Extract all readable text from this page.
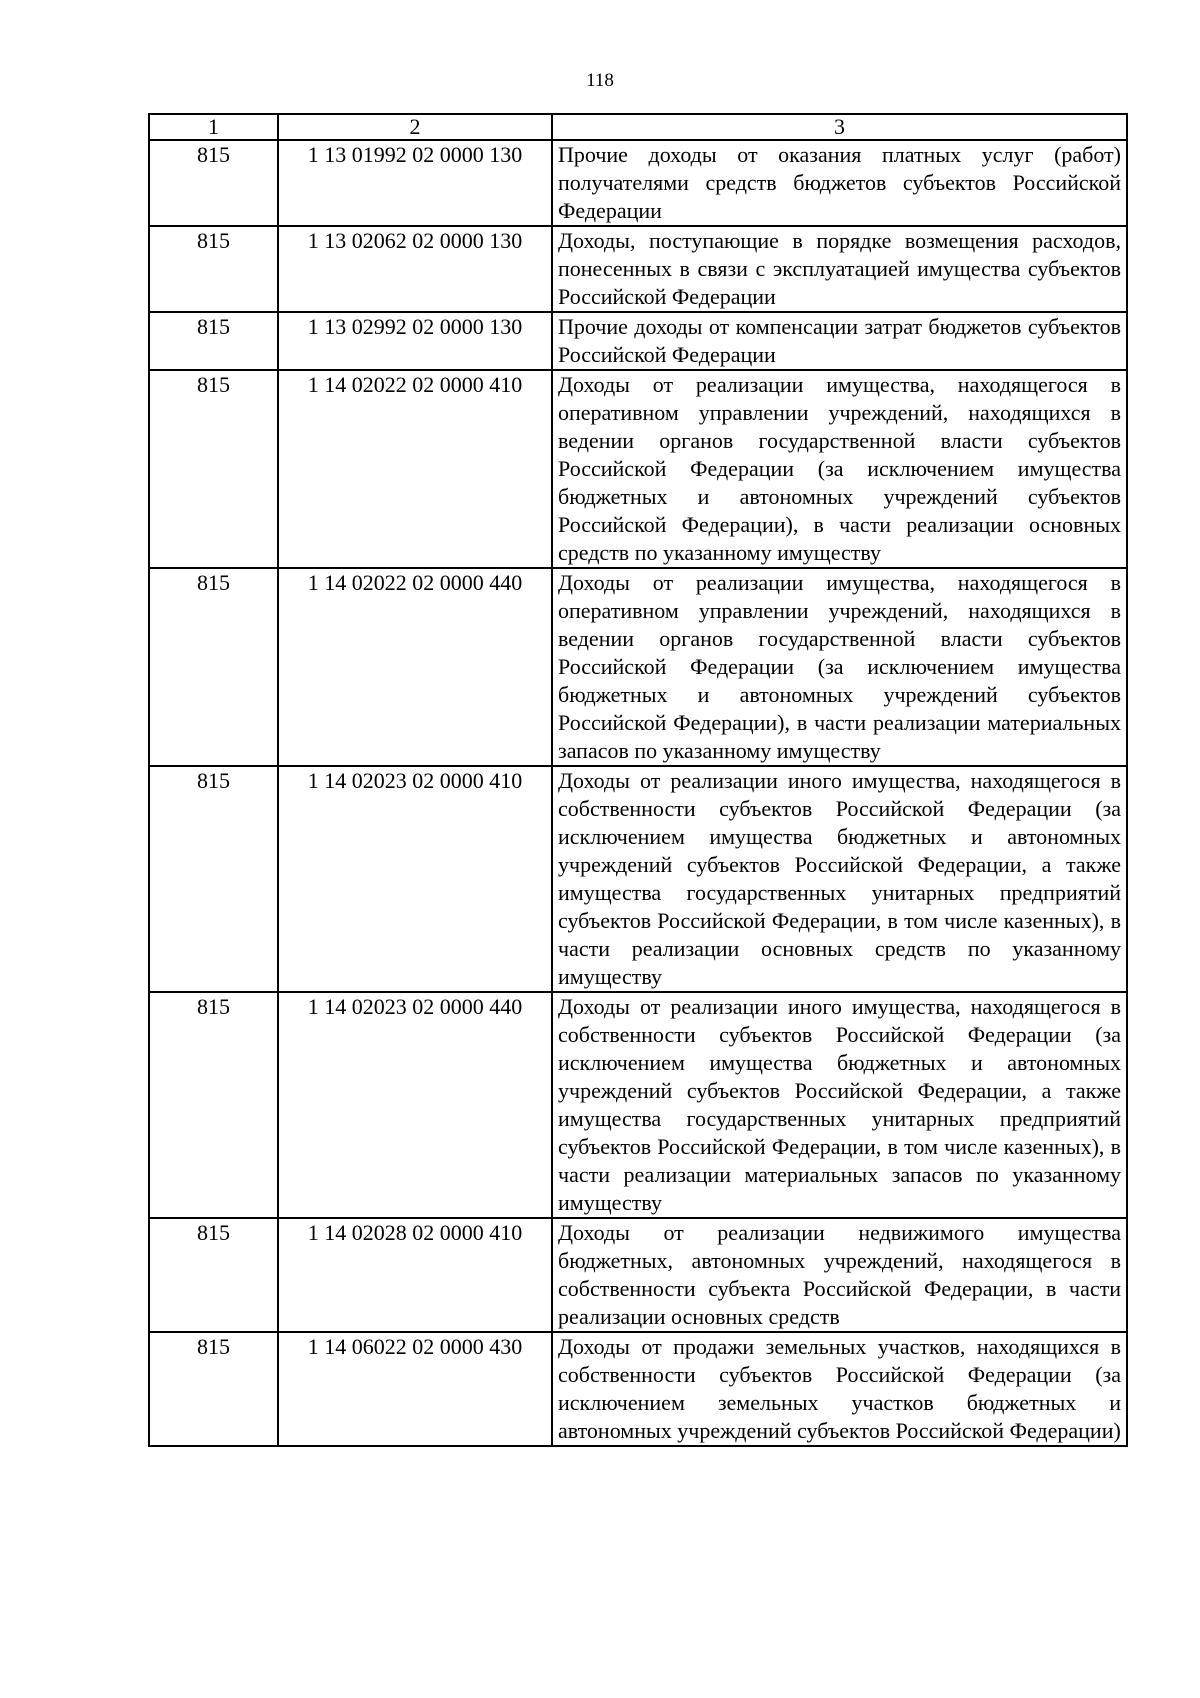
118
1	2	3
815	1 13 01992 02 0000 130	Прочие доходы от оказания платных услуг (работ) получателями средств бюджетов субъектов Российской Федерации
815	1 13 02062 02 0000 130	Доходы, поступающие в порядке возмещения расходов, понесенных в связи с эксплуатацией имущества субъектов Российской Федерации
815	1 13 02992 02 0000 130	Прочие доходы от компенсации затрат бюджетов субъектов Российской Федерации
815	1 14 02022 02 0000 410	Доходы от реализации имущества, находящегося в оперативном управлении учреждений, находящихся в ведении органов государственной власти субъектов Российской Федерации (за исключением имущества бюджетных и автономных учреждений субъектов Российской Федерации), в части реализации основных средств по указанному имуществу
815	1 14 02022 02 0000 440	Доходы от реализации имущества, находящегося в оперативном управлении учреждений, находящихся в ведении органов государственной власти субъектов Российской Федерации (за исключением имущества бюджетных и автономных учреждений субъектов Российской Федерации), в части реализации материальных запасов по указанному имуществу
815	1 14 02023 02 0000 410	Доходы от реализации иного имущества, находящегося в собственности субъектов Российской Федерации (за исключением имущества бюджетных и автономных учреждений субъектов Российской Федерации, а также имущества государственных унитарных предприятий субъектов Российской Федерации, в том числе казенных), в части реализации основных средств по указанному имуществу
815	1 14 02023 02 0000 440	Доходы от реализации иного имущества, находящегося в собственности субъектов Российской Федерации (за исключением имущества бюджетных и автономных учреждений субъектов Российской Федерации, а также имущества государственных унитарных предприятий субъектов Российской Федерации, в том числе казенных), в части реализации материальных запасов по указанному имуществу
815	1 14 02028 02 0000 410	Доходы от реализации недвижимого имущества бюджетных, автономных учреждений, находящегося в собственности субъекта Российской Федерации, в части реализации основных средств
815	1 14 06022 02 0000 430	Доходы от продажи земельных участков, находящихся в собственности субъектов Российской Федерации (за исключением земельных участков бюджетных и автономных учреждений субъектов Российской Федерации)
